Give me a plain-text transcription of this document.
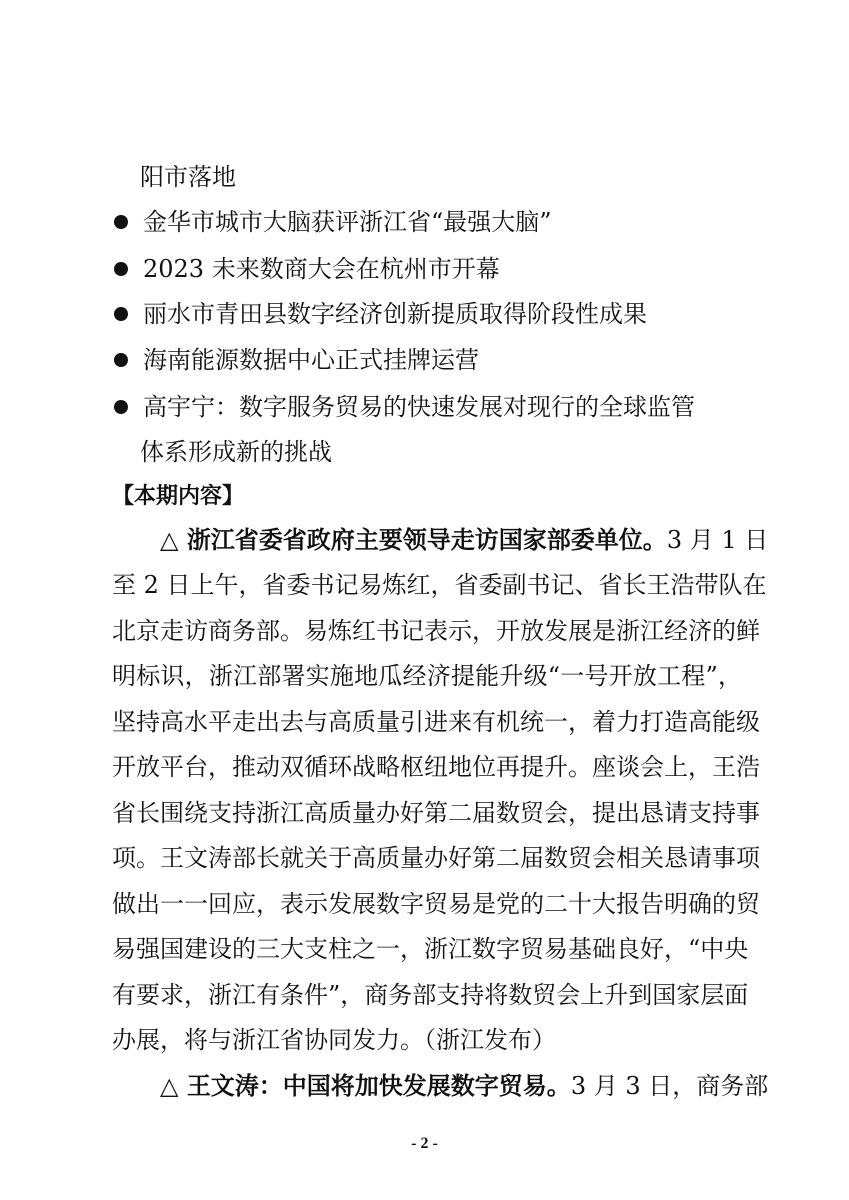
阳市落地
金华市城市大脑获评浙江省“最强大脑”
2023 未来数商大会在杭州市开幕
丽水市青田县数字经济创新提质取得阶段性成果
海南能源数据中心正式挂牌运营
高宇宁：数字服务贸易的快速发展对现行的全球监管
体系形成新的挑战
【本期内容】
△ 浙江省委省政府主要领导走访国家部委单位。 3 月 1 日
至 2 日上午，省委书记易炼红，省委副书记、省长王浩带队在
北京走访商务部。易炼红书记表示，开放发展是浙江经济的鲜
明标识，浙江部署实施地瓜经济提能升级“一号开放工程”，
坚持高水平走出去与高质量引进来有机统一，着力打造高能级
开放平台，推动双循环战略枢纽地位再提升。座谈会上，王浩
省长围绕支持浙江高质量办好第二届数贸会，提出恳请支持事
项。王文涛部长就关于高质量办好第二届数贸会相关恳请事项
做出一一回应，表示发展数字贸易是党的二十大报告明确的贸
易强国建设的三大支柱之一，浙江数字贸易基础良好，“中央
有要求，浙江有条件”，商务部支持将数贸会上升到国家层面
办展，将与浙江省协同发力。（浙江发布）
△ 王文涛：中国将加快发展数字贸易。 3 月 3 日，商务部
- 2 -
